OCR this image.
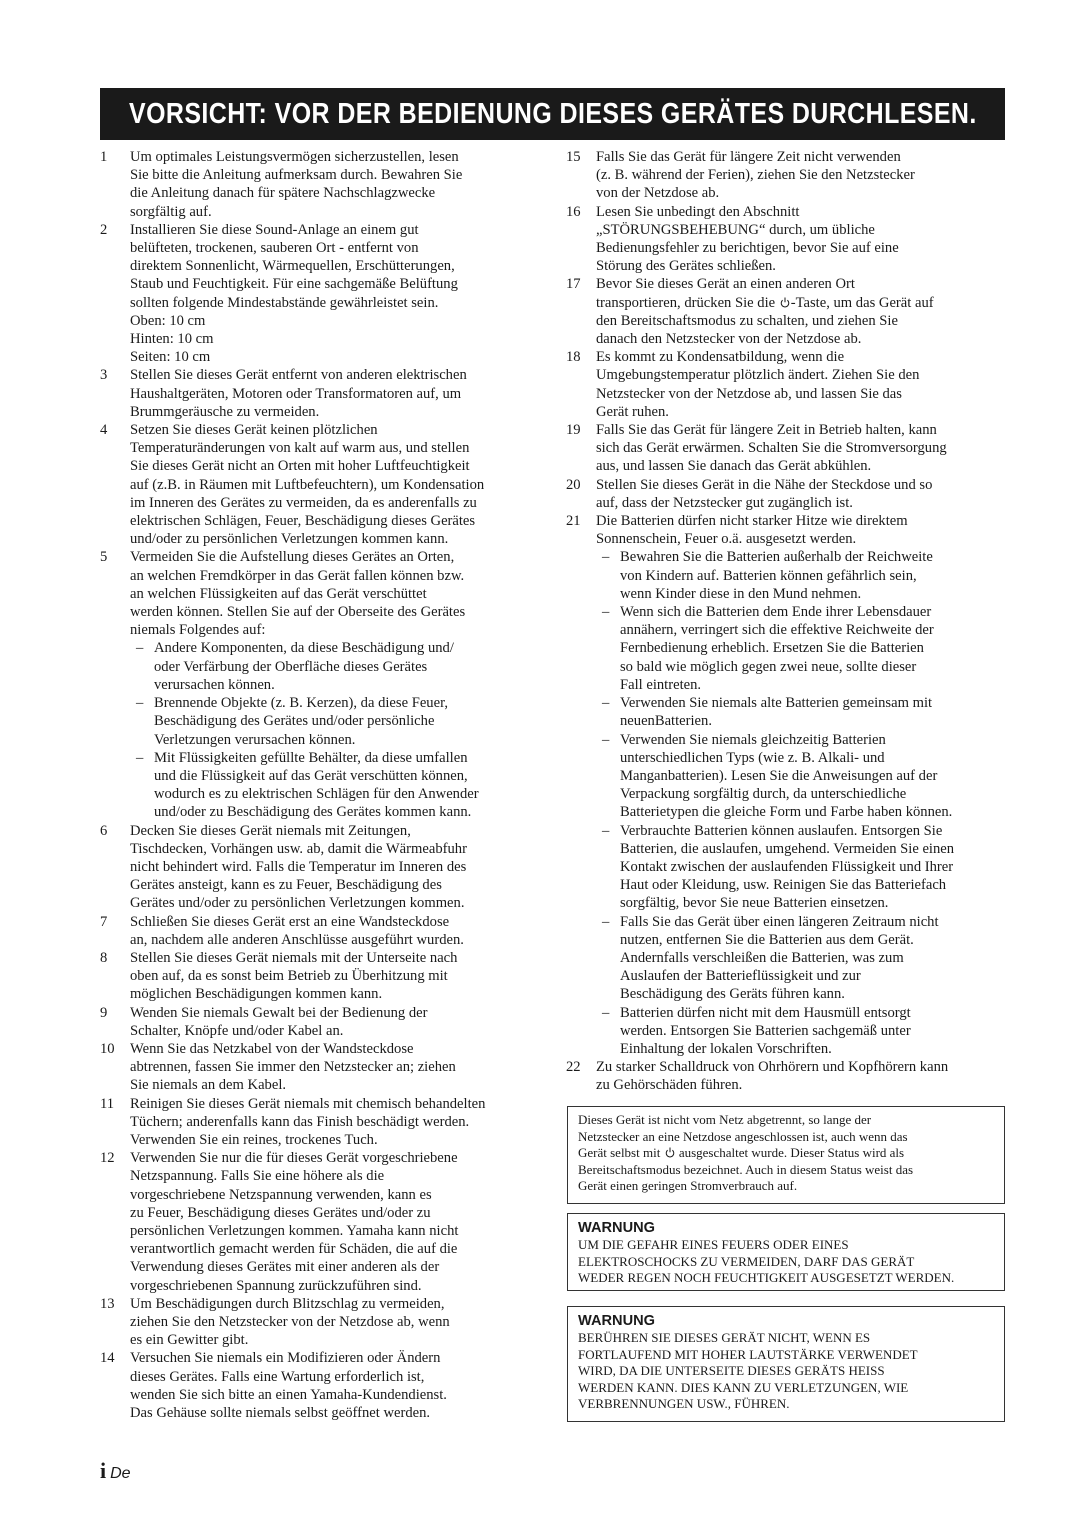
VORSICHT: VOR DER BEDIENUNG DIESES GERÄTES DURCHLESEN.
1 Um optimales Leistungsvermögen sicherzustellen, lesen
Sie bitte die Anleitung aufmerksam durch. Bewahren Sie
die Anleitung danach für spätere Nachschlagzwecke
sorgfältig auf.
2 Installieren Sie diese Sound-Anlage an einem gut
belüfteten, trockenen, sauberen Ort - entfernt von
direktem Sonnenlicht, Wärmequellen, Erschütterungen,
Staub und Feuchtigkeit. Für eine sachgemäße Belüftung
sollten folgende Mindestabstände gewährleistet sein.
Oben: 10 cm
Hinten: 10 cm
Seiten: 10 cm
3 Stellen Sie dieses Gerät entfernt von anderen elektrischen
Haushaltgeräten, Motoren oder Transformatoren auf, um
Brummgeräusche zu vermeiden.
4 Setzen Sie dieses Gerät keinen plötzlichen
Temperaturänderungen von kalt auf warm aus, und stellen
Sie dieses Gerät nicht an Orten mit hoher Luftfeuchtigkeit
auf (z.B. in Räumen mit Luftbefeuchtern), um Kondensation
im Inneren des Gerätes zu vermeiden, da es anderenfalls zu
elektrischen Schlägen, Feuer, Beschädigung dieses Gerätes
und/oder zu persönlichen Verletzungen kommen kann.
5 Vermeiden Sie die Aufstellung dieses Gerätes an Orten,
an welchen Fremdkörper in das Gerät fallen können bzw.
an welchen Flüssigkeiten auf das Gerät verschüttet
werden können. Stellen Sie auf der Oberseite des Gerätes
niemals Folgendes auf:
– Andere Komponenten, da diese Beschädigung und/
oder Verfärbung der Oberfläche dieses Gerätes
verursachen können.
– Brennende Objekte (z. B. Kerzen), da diese Feuer,
Beschädigung des Gerätes und/oder persönliche
Verletzungen verursachen können.
– Mit Flüssigkeiten gefüllte Behälter, da diese umfallen
und die Flüssigkeit auf das Gerät verschütten können,
wodurch es zu elektrischen Schlägen für den Anwender
und/oder zu Beschädigung des Gerätes kommen kann.
6 Decken Sie dieses Gerät niemals mit Zeitungen,
Tischdecken, Vorhängen usw. ab, damit die Wärmeabfuhr
nicht behindert wird. Falls die Temperatur im Inneren des
Gerätes ansteigt, kann es zu Feuer, Beschädigung des
Gerätes und/oder zu persönlichen Verletzungen kommen.
7 Schließen Sie dieses Gerät erst an eine Wandsteckdose
an, nachdem alle anderen Anschlüsse ausgeführt wurden.
8 Stellen Sie dieses Gerät niemals mit der Unterseite nach
oben auf, da es sonst beim Betrieb zu Überhitzung mit
möglichen Beschädigungen kommen kann.
9 Wenden Sie niemals Gewalt bei der Bedienung der
Schalter, Knöpfe und/oder Kabel an.
10 Wenn Sie das Netzkabel von der Wandsteckdose
abtrennen, fassen Sie immer den Netzstecker an; ziehen
Sie niemals an dem Kabel.
11 Reinigen Sie dieses Gerät niemals mit chemisch behandelten
Tüchern; anderenfalls kann das Finish beschädigt werden.
Verwenden Sie ein reines, trockenes Tuch.
12 Verwenden Sie nur die für dieses Gerät vorgeschriebene
Netzspannung. Falls Sie eine höhere als die
vorgeschriebene Netzspannung verwenden, kann es
zu Feuer, Beschädigung dieses Gerätes und/oder zu
persönlichen Verletzungen kommen. Yamaha kann nicht
verantwortlich gemacht werden für Schäden, die auf die
Verwendung dieses Gerätes mit einer anderen als der
vorgeschriebenen Spannung zurückzuführen sind.
13 Um Beschädigungen durch Blitzschlag zu vermeiden,
ziehen Sie den Netzstecker von der Netzdose ab, wenn
es ein Gewitter gibt.
14 Versuchen Sie niemals ein Modifizieren oder Ändern
dieses Gerätes. Falls eine Wartung erforderlich ist,
wenden Sie sich bitte an einen Yamaha-Kundendienst.
Das Gehäuse sollte niemals selbst geöffnet werden.
15 Falls Sie das Gerät für längere Zeit nicht verwenden
(z. B. während der Ferien), ziehen Sie den Netzstecker
von der Netzdose ab.
16 Lesen Sie unbedingt den Abschnitt
„STÖRUNGSBEHEBUNG“ durch, um übliche
Bedienungsfehler zu berichtigen, bevor Sie auf eine
Störung des Gerätes schließen.
17 Bevor Sie dieses Gerät an einen anderen Ort
transportieren, drücken Sie die -Taste, um das Gerät auf
den Bereitschaftsmodus zu schalten, und ziehen Sie
danach den Netzstecker von der Netzdose ab.
18 Es kommt zu Kondensatbildung, wenn die
Umgebungstemperatur plötzlich ändert. Ziehen Sie den
Netzstecker von der Netzdose ab, und lassen Sie das
Gerät ruhen.
19 Falls Sie das Gerät für längere Zeit in Betrieb halten, kann
sich das Gerät erwärmen. Schalten Sie die Stromversorgung
aus, und lassen Sie danach das Gerät abkühlen.
20 Stellen Sie dieses Gerät in die Nähe der Steckdose und so
auf, dass der Netzstecker gut zugänglich ist.
21 Die Batterien dürfen nicht starker Hitze wie direktem
Sonnenschein, Feuer o.ä. ausgesetzt werden.
– Bewahren Sie die Batterien außerhalb der Reichweite
von Kindern auf. Batterien können gefährlich sein,
wenn Kinder diese in den Mund nehmen.
– Wenn sich die Batterien dem Ende ihrer Lebensdauer
annähern, verringert sich die effektive Reichweite der
Fernbedienung erheblich. Ersetzen Sie die Batterien
so bald wie möglich gegen zwei neue, sollte dieser
Fall eintreten.
– Verwenden Sie niemals alte Batterien gemeinsam mit
neuenBatterien.
– Verwenden Sie niemals gleichzeitig Batterien
unterschiedlichen Typs (wie z. B. Alkali- und
Manganbatterien). Lesen Sie die Anweisungen auf der
Verpackung sorgfältig durch, da unterschiedliche
Batterietypen die gleiche Form und Farbe haben können.
– Verbrauchte Batterien können auslaufen. Entsorgen Sie
Batterien, die auslaufen, umgehend. Vermeiden Sie einen
Kontakt zwischen der auslaufenden Flüssigkeit und Ihrer
Haut oder Kleidung, usw. Reinigen Sie das Batteriefach
sorgfältig, bevor Sie neue Batterien einsetzen.
– Falls Sie das Gerät über einen längeren Zeitraum nicht
nutzen, entfernen Sie die Batterien aus dem Gerät.
Andernfalls verschleißen die Batterien, was zum
Auslaufen der Batterieflüssigkeit und zur
Beschädigung des Geräts führen kann.
– Batterien dürfen nicht mit dem Hausmüll entsorgt
werden. Entsorgen Sie Batterien sachgemäß unter
Einhaltung der lokalen Vorschriften.
22 Zu starker Schalldruck von Ohrhörern und Kopfhörern kann
zu Gehörschäden führen.
Dieses Gerät ist nicht vom Netz abgetrennt, so lange der
Netzstecker an eine Netzdose angeschlossen ist, auch wenn das
Gerät selbst mit  ausgeschaltet wurde. Dieser Status wird als
Bereitschaftsmodus bezeichnet. Auch in diesem Status weist das
Gerät einen geringen Stromverbrauch auf.
WARNUNG
UM DIE GEFAHR EINES FEUERS ODER EINES
ELEKTROSCHOCKS ZU VERMEIDEN, DARF DAS GERÄT
WEDER REGEN NOCH FEUCHTIGKEIT AUSGESETZT WERDEN.
WARNUNG
BERÜHREN SIE DIESES GERÄT NICHT, WENN ES
FORTLAUFEND MIT HOHER LAUTSTÄRKE VERWENDET
WIRD, DA DIE UNTERSEITE DIESES GERÄTS HEISS
WERDEN KANN. DIES KANN ZU VERLETZUNGEN, WIE
VERBRENNUNGEN USW., FÜHREN.
i De
